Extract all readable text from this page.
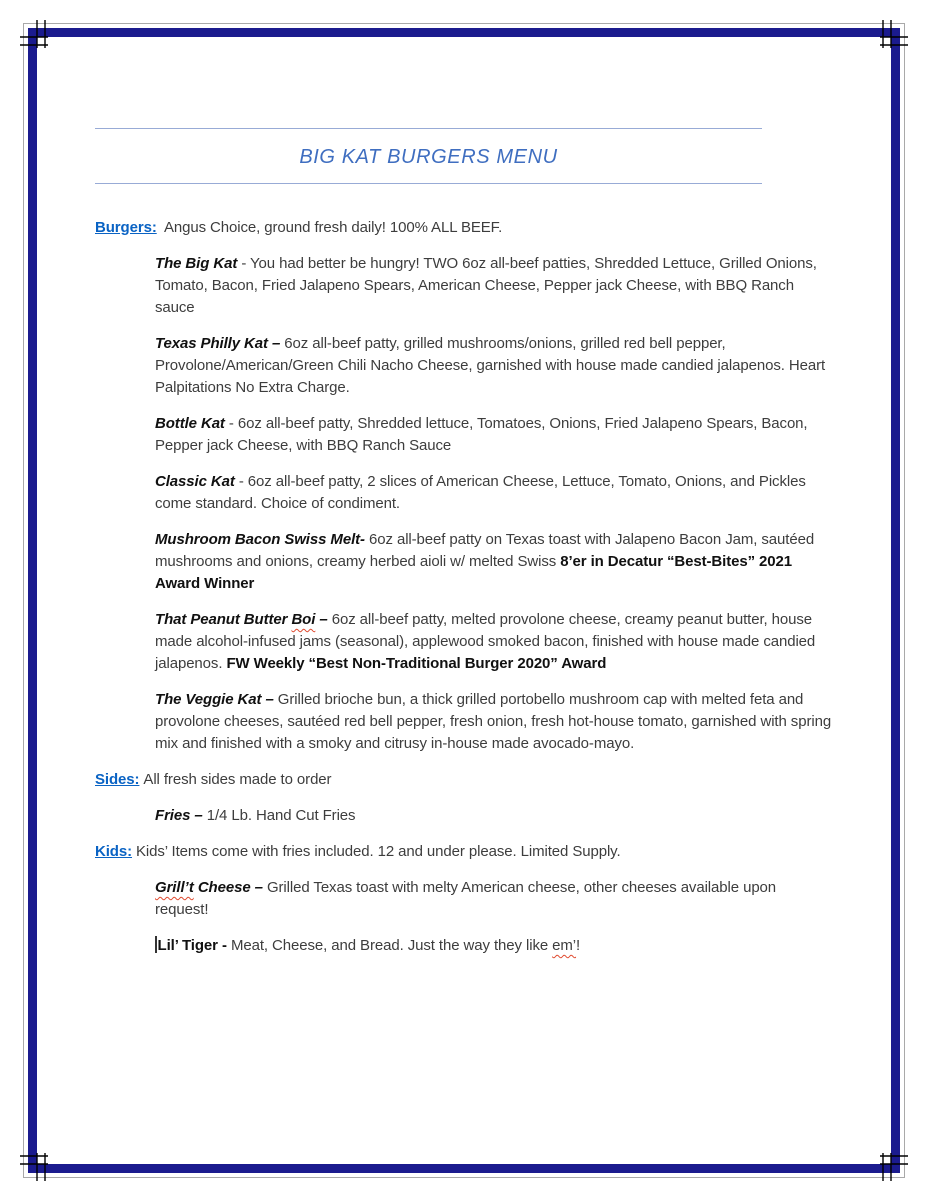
BIG KAT BURGERS MENU

Burgers: Angus Choice, ground fresh daily! 100% ALL BEEF.

The Big Kat - You had better be hungry! TWO 6oz all-beef patties, Shredded Lettuce, Grilled Onions, Tomato, Bacon, Fried Jalapeno Spears, American Cheese, Pepper jack Cheese, with BBQ Ranch sauce

Texas Philly Kat – 6oz all-beef patty, grilled mushrooms/onions, grilled red bell pepper, Provolone/American/Green Chili Nacho Cheese, garnished with house made candied jalapenos. Heart Palpitations No Extra Charge.

Bottle Kat - 6oz all-beef patty, Shredded lettuce, Tomatoes, Onions, Fried Jalapeno Spears, Bacon, Pepper jack Cheese, with BBQ Ranch Sauce

Classic Kat - 6oz all-beef patty, 2 slices of American Cheese, Lettuce, Tomato, Onions, and Pickles come standard. Choice of condiment.

Mushroom Bacon Swiss Melt- 6oz all-beef patty on Texas toast with Jalapeno Bacon Jam, sautéed mushrooms and onions, creamy herbed aioli w/ melted Swiss 8’er in Decatur “Best-Bites” 2021 Award Winner

That Peanut Butter Boi – 6oz all-beef patty, melted provolone cheese, creamy peanut butter, house made alcohol-infused jams (seasonal), applewood smoked bacon, finished with house made candied jalapenos. FW Weekly “Best Non-Traditional Burger 2020” Award

The Veggie Kat – Grilled brioche bun, a thick grilled portobello mushroom cap with melted feta and provolone cheeses, sautéed red bell pepper, fresh onion, fresh hot-house tomato, garnished with spring mix and finished with a smoky and citrusy in-house made avocado-mayo.

Sides: All fresh sides made to order

Fries – 1/4 Lb. Hand Cut Fries

Kids: Kids’ Items come with fries included. 12 and under please. Limited Supply.

Grill’t Cheese – Grilled Texas toast with melty American cheese, other cheeses available upon request!

Lil’ Tiger - Meat, Cheese, and Bread. Just the way they like em’!
